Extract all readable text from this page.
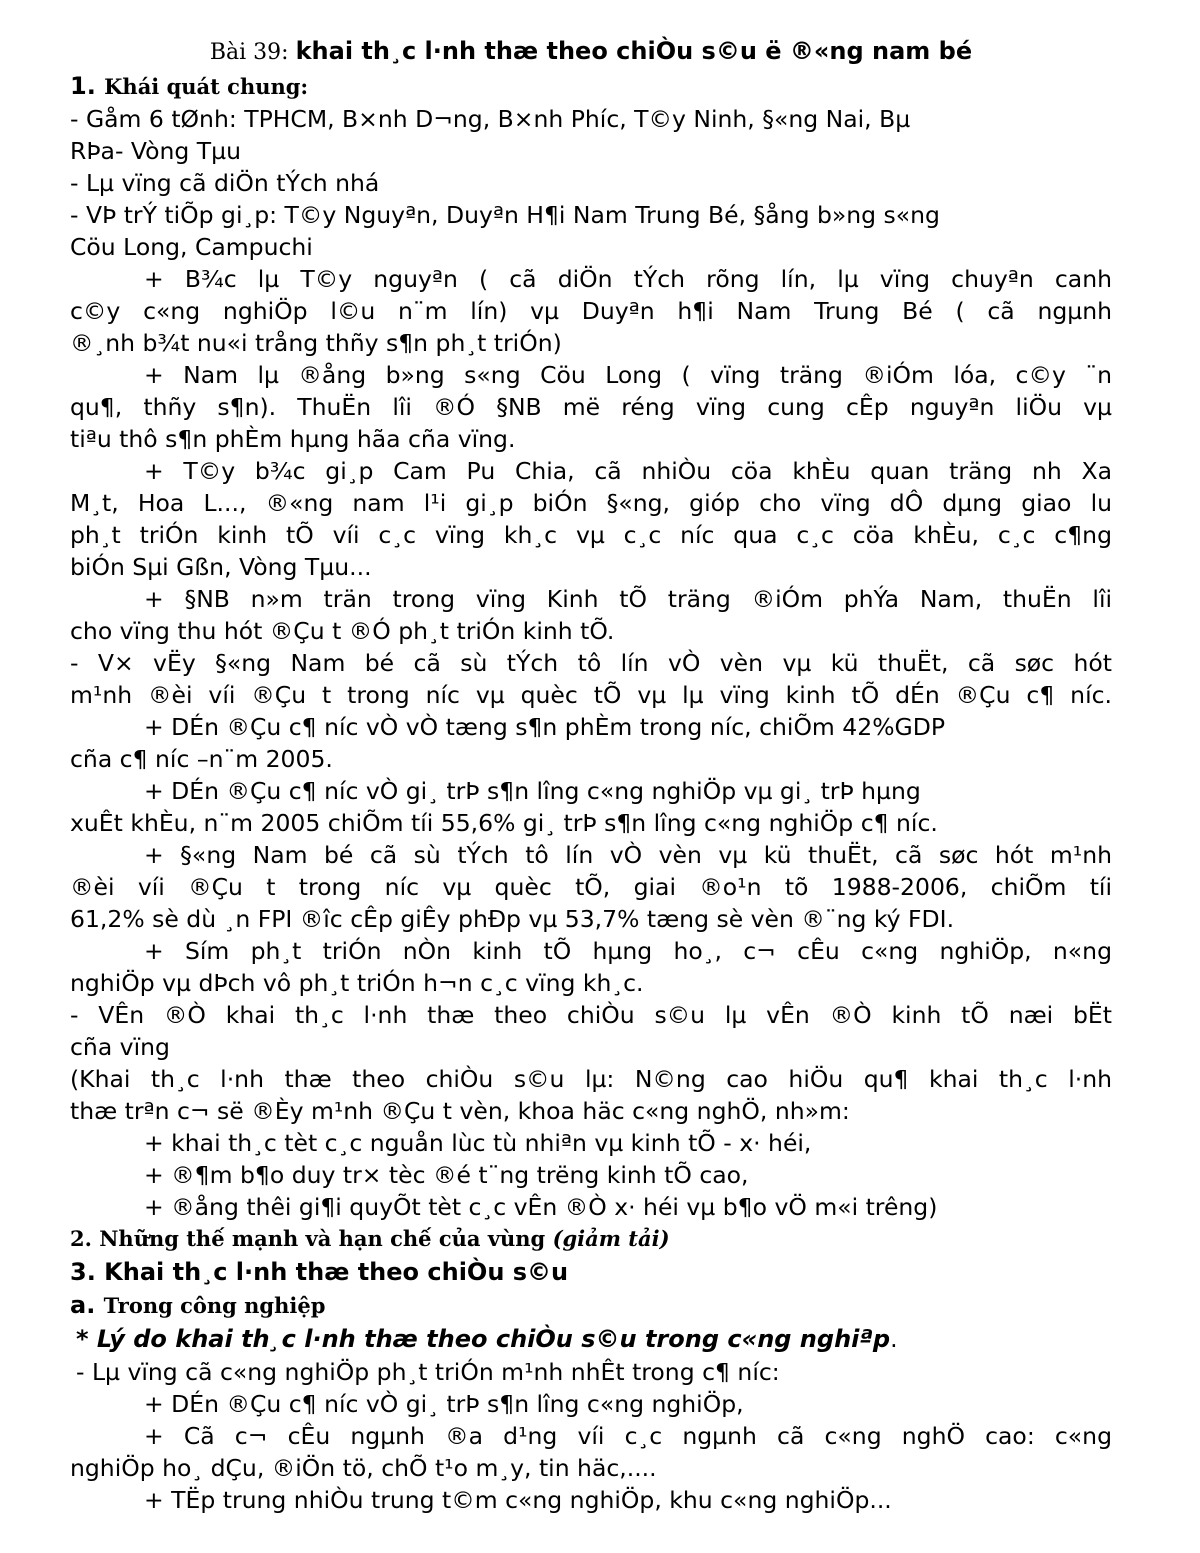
Bài 39: khai th¸c l·nh thæ theo chiÒu s©u ë ®«ng nam bé
1. Khái quát chung:
- Gåm 6 tØnh: TPHCM, B×nh D¬ng, B×nh Phíc, T©y Ninh, §«ng Nai, Bµ
RÞa- Vòng Tµu
- Lµ vïng cã diÖn tÝch nhá
- VÞ trÝ tiÕp gi¸p: T©y Nguyªn, Duyªn H¶i Nam Trung Bé, §ång b»ng s«ng
Cöu Long, Campuchi
+ B¾c lµ T©y nguyªn ( cã diÖn tÝch rõng lín, lµ vïng chuyªn canh
c©y c«ng nghiÖp l©u n¨m lín) vµ Duyªn h¶i Nam Trung Bé ( cã ngµnh
®¸nh b¾t nu«i trång thñy s¶n ph¸t triÓn)
+ Nam lµ ®ång b»ng s«ng Cöu Long ( vïng träng ®iÓm lóa, c©y ¨n
qu¶, thñy s¶n). ThuËn lîi ®Ó §NB më réng vïng cung cÊp nguyªn liÖu vµ
tiªu thô s¶n phÈm hµng hãa cña vïng.
+ T©y b¾c gi¸p Cam Pu Chia, cã nhiÒu cöa khÈu quan träng nh Xa
M¸t, Hoa L..., ®«ng nam l¹i gi¸p biÓn §«ng, gióp cho vïng dÔ dµng giao lu
ph¸t triÓn kinh tÕ víi c¸c vïng kh¸c vµ c¸c níc qua c¸c cöa khÈu, c¸c c¶ng
biÓn Sµi Gßn, Vòng Tµu...
+ §NB n»m trän trong vïng Kinh tÕ träng ®iÓm phÝa Nam, thuËn lîi
cho vïng thu hót ®Çu t ®Ó ph¸t triÓn kinh tÕ.
- V× vËy §«ng Nam bé cã sù tÝch tô lín vÒ vèn vµ kü thuËt, cã søc hót
m¹nh ®èi víi ®Çu t trong níc vµ quèc tÕ vµ lµ vïng kinh tÕ dÉn ®Çu c¶ níc.
+ DÉn ®Çu c¶ níc vÒ vÒ tæng s¶n phÈm trong níc, chiÕm 42%GDP
cña c¶ níc –n¨m 2005.
+ DÉn ®Çu c¶ níc vÒ gi¸ trÞ s¶n lîng c«ng nghiÖp vµ gi¸ trÞ hµng
xuÊt khÈu, n¨m 2005 chiÕm tíi 55,6% gi¸ trÞ s¶n lîng c«ng nghiÖp c¶ níc.
+ §«ng Nam bé cã sù tÝch tô lín vÒ vèn vµ kü thuËt, cã søc hót m¹nh
®èi víi ®Çu t trong níc vµ quèc tÕ, giai ®o¹n tõ 1988-2006, chiÕm tíi
61,2% sè dù ¸n FPI ®îc cÊp giÊy phÐp vµ 53,7% tæng sè vèn ®¨ng ký FDI.
+ Sím ph¸t triÓn nÒn kinh tÕ hµng ho¸, c¬ cÊu c«ng nghiÖp, n«ng
nghiÖp vµ dÞch vô ph¸t triÓn h¬n c¸c vïng kh¸c.
- VÊn ®Ò khai th¸c l·nh thæ theo chiÒu s©u lµ vÊn ®Ò kinh tÕ næi bËt
cña vïng
(Khai th¸c l·nh thæ theo chiÒu s©u lµ: N©ng cao hiÖu qu¶ khai th¸c l·nh
thæ trªn c¬ së ®Èy m¹nh ®Çu t vèn, khoa häc c«ng nghÖ, nh»m:
+ khai th¸c tèt c¸c nguån lùc tù nhiªn vµ kinh tÕ - x· héi,
+ ®¶m b¶o duy tr× tèc ®é t¨ng trëng kinh tÕ cao,
+ ®ång thêi gi¶i quyÕt tèt c¸c vÊn ®Ò x· héi vµ b¶o vÖ m«i trêng)
2. Những thế mạnh và hạn chế của vùng (giảm tải)
3. Khai th¸c l·nh thæ theo chiÒu s©u
a. Trong công nghiệp
* Lý do khai th¸c l·nh thæ theo chiÒu s©u trong c«ng nghiªp.
- Lµ vïng cã c«ng nghiÖp ph¸t triÓn m¹nh nhÊt trong c¶ níc:
+ DÉn ®Çu c¶ níc vÒ gi¸ trÞ s¶n lîng c«ng nghiÖp,
+ Cã c¬ cÊu ngµnh ®a d¹ng víi c¸c ngµnh cã c«ng nghÖ cao: c«ng
nghiÖp ho¸ dÇu, ®iÖn tö, chÕ t¹o m¸y, tin häc,....
+ TËp trung nhiÒu trung t©m c«ng nghiÖp, khu c«ng nghiÖp...
